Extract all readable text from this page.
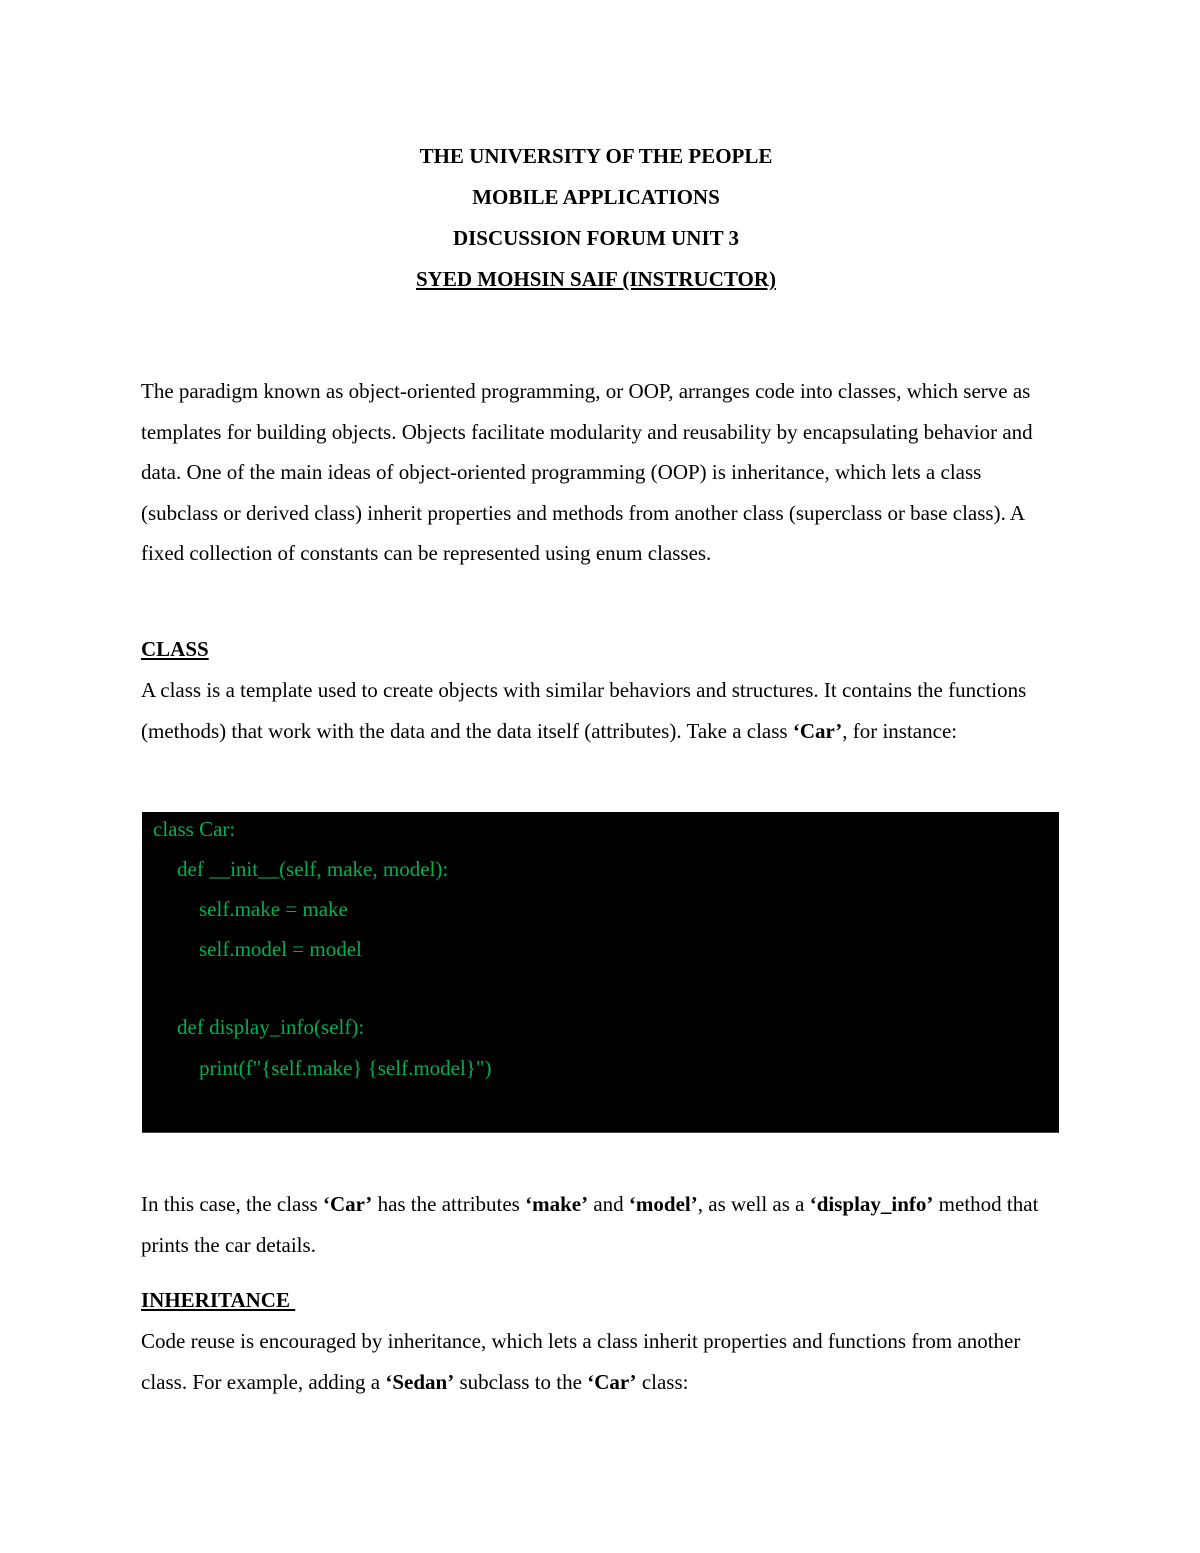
THE UNIVERSITY OF THE PEOPLE
MOBILE APPLICATIONS
DISCUSSION FORUM UNIT 3
SYED MOHSIN SAIF (INSTRUCTOR)

The paradigm known as object-oriented programming, or OOP, arranges code into classes, which serve as templates for building objects. Objects facilitate modularity and reusability by encapsulating behavior and data. One of the main ideas of object-oriented programming (OOP) is inheritance, which lets a class (subclass or derived class) inherit properties and methods from another class (superclass or base class). A fixed collection of constants can be represented using enum classes.

CLASS

A class is a template used to create objects with similar behaviors and structures. It contains the functions (methods) that work with the data and the data itself (attributes). Take a class ‘Car’, for instance:

class Car:
def __init__(self, make, model):
self.make = make
self.model = model
def display_info(self):
print(f"{self.make} {self.model}")

In this case, the class ‘Car’ has the attributes ‘make’ and ‘model’, as well as a ‘display_info’ method that prints the car details.

INHERITANCE

Code reuse is encouraged by inheritance, which lets a class inherit properties and functions from another class. For example, adding a ‘Sedan’ subclass to the ‘Car’ class:
